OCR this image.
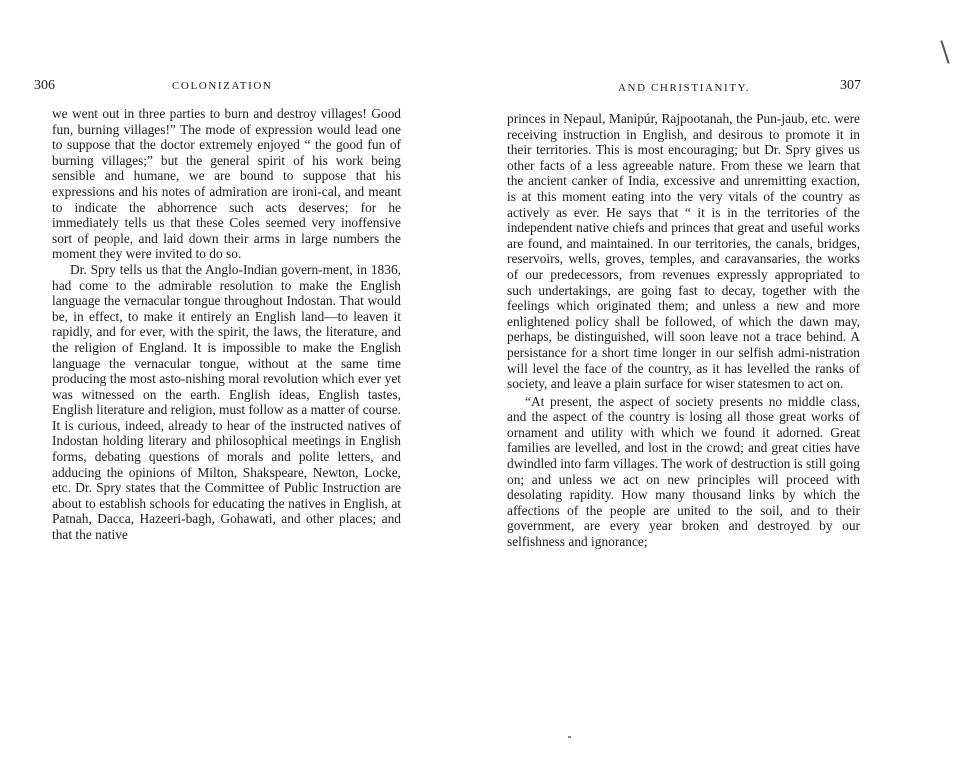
306	COLONIZATION

we went out in three parties to burn and destroy villages! Good fun, burning villages!” The mode of expression would lead one to suppose that the doctor extremely enjoyed “ the good fun of burning villages;” but the general spirit of his work being sensible and humane, we are bound to suppose that his expressions and his notes of admiration are ironi-cal, and meant to indicate the abhorrence such acts deserves; for he immediately tells us that these Coles seemed very inoffensive sort of people, and laid down their arms in large numbers the moment they were invited to do so.

Dr. Spry tells us that the Anglo-Indian govern-ment, in 1836, had come to the admirable resolution to make the English language the vernacular tongue throughout Indostan. That would be, in effect, to make it entirely an English land—to leaven it rapidly, and for ever, with the spirit, the laws, the literature, and the religion of England. It is impossible to make the English language the vernacular tongue, without at the same time producing the most asto-nishing moral revolution which ever yet was witnessed on the earth. English ideas, English tastes, English literature and religion, must follow as a matter of course. It is curious, indeed, already to hear of the instructed natives of Indostan holding literary and philosophical meetings in English forms, debating questions of morals and polite letters, and adducing the opinions of Milton, Shakspeare, Newton, Locke, etc. Dr. Spry states that the Committee of Public Instruction are about to establish schools for educating the natives in English, at Patnah, Dacca, Hazeeri-bagh, Gohawati, and other places; and that the native

AND CHRISTIANITY.	307

princes in Nepaul, Manipúr, Rajpootanah, the Pun-jaub, etc. were receiving instruction in English, and desirous to promote it in their territories. This is most encouraging; but Dr. Spry gives us other facts of a less agreeable nature. From these we learn that the ancient canker of India, excessive and unremitting exaction, is at this moment eating into the very vitals of the country as actively as ever. He says that “ it is in the territories of the independent native chiefs and princes that great and useful works are found, and maintained. In our territories, the canals, bridges, reservoirs, wells, groves, temples, and caravansaries, the works of our predecessors, from revenues expressly appropriated to such undertakings, are going fast to decay, together with the feelings which originated them; and unless a new and more enlightened policy shall be followed, of which the dawn may, perhaps, be distinguished, will soon leave not a trace behind. A persistance for a short time longer in our selfish admi-nistration will level the face of the country, as it has levelled the ranks of society, and leave a plain surface for wiser statesmen to act on.

“At present, the aspect of society presents no middle class, and the aspect of the country is losing all those great works of ornament and utility with which we found it adorned. Great families are levelled, and lost in the crowd; and great cities have dwindled into farm villages. The work of destruction is still going on; and unless we act on new principles will proceed with desolating rapidity. How many thousand links by which the affections of the people are united to the soil, and to their government, are every year broken and destroyed by our selfishness and ignorance;
